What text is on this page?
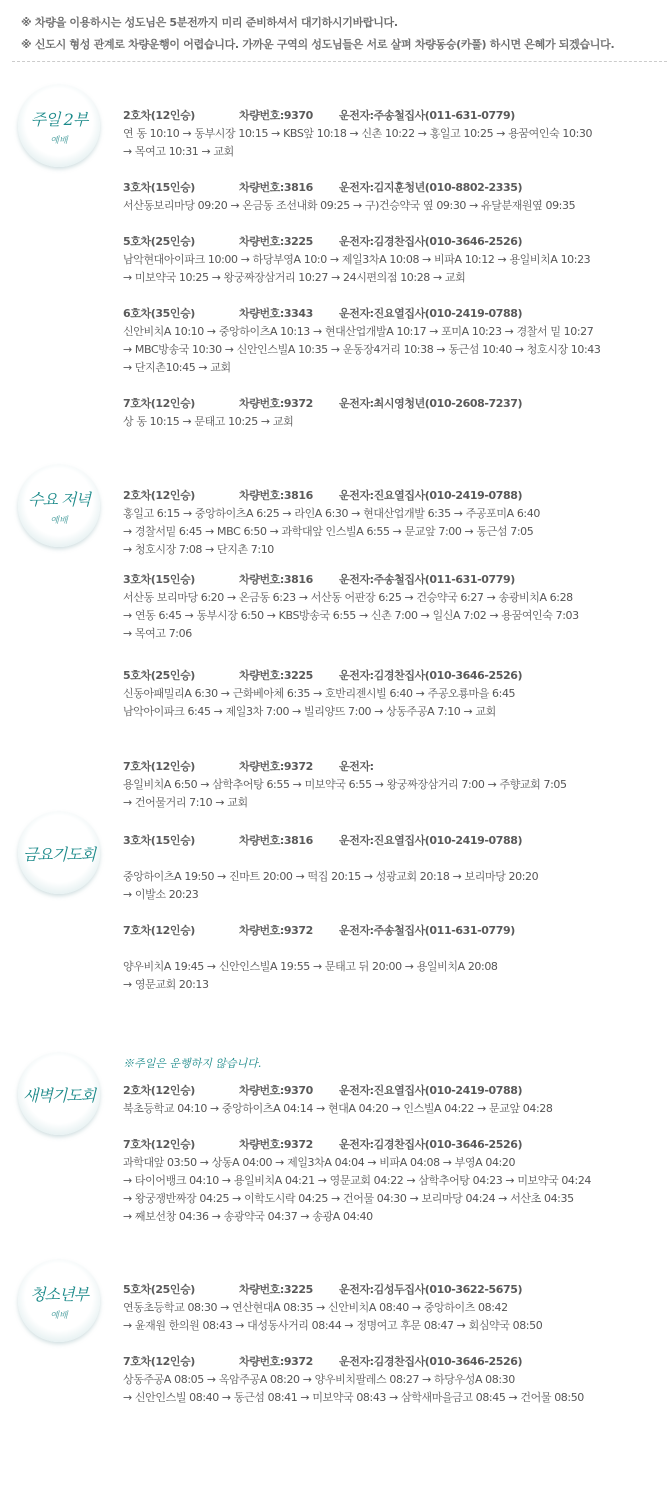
※ 차량을 이용하시는 성도님은 5분전까지 미리 준비하셔서 대기하시기바랍니다.
※ 신도시 형성 관계로 차량운행이 어렵습니다. 가까운 구역의 성도님들은 서로 살펴 차량동승(카풀) 하시면 은혜가 되겠습니다.
주일 2부
예배
수요 저녁
예배
금요기도회
새벽기도회
청소년부
예배
※주일은 운행하지 않습니다.
2호차(12인승)	차량번호:9370 운전자:주송철집사(011-631-0779)
연 동 10:10 → 동부시장 10:15 → KBS앞 10:18 → 신촌 10:22 → 홍일고 10:25 → 용꿈여인숙 10:30
→ 목여고 10:31 → 교회
3호차(15인승)	차량번호:3816 운전자:김지훈청년(010-8802-2335)
서산동보리마당 09:20 → 온금동 조선내화 09:25 → 구)건승약국 옆 09:30 → 유달분재원옆 09:35
5호차(25인승)	차량번호:3225 운전자:김경찬집사(010-3646-2526)
남악현대아이파크 10:00 → 하당부영A 10:0 → 제일3차A 10:08 → 비파A 10:12 → 용일비치A 10:23
→ 미보약국 10:25 → 왕궁짜장삼거리 10:27 → 24시편의점 10:28 → 교회
6호차(35인승)	차량번호:3343 운전자:진요열집사(010-2419-0788)
신안비치A 10:10 → 중앙하이츠A 10:13 → 현대산업개발A 10:17 → 포미A 10:23 → 경찰서 밑 10:27
→ MBC방송국 10:30 → 신안인스빌A 10:35 → 운동장4거리 10:38 → 동근섬 10:40 → 청호시장 10:43
→ 단지촌10:45 → 교회
7호차(12인승)	차량번호:9372 운전자:최시영청년(010-2608-7237)
상 동 10:15 → 문태고 10:25 → 교회
2호차(12인승)	차량번호:3816 운전자:진요열집사(010-2419-0788)
홍일고 6:15 → 중앙하이츠A 6:25 → 라인A 6:30 → 현대산업개발 6:35 → 주공포미A 6:40
→ 경찰서밑 6:45 → MBC 6:50 → 과학대앞 인스빌A 6:55 → 문교앞 7:00 → 동근섬 7:05
→ 청호시장 7:08 → 단지촌 7:10
3호차(15인승)	차량번호:3816 운전자:주송철집사(011-631-0779)
서산동 보리마당 6:20 → 온금동 6:23 → 서산동 어판장 6:25 → 건승약국 6:27 → 송광비치A 6:28
→ 연동 6:45 → 동부시장 6:50 → KBS방송국 6:55 → 신촌 7:00 → 일신A 7:02 → 용꿈여인숙 7:03
→ 목여고 7:06
5호차(25인승)	차량번호:3225 운전자:김경찬집사(010-3646-2526)
신동아패밀리A 6:30 → 근화베아체 6:35 → 호반리젠시빌 6:40 → 주공오룡마을 6:45
남악아이파크 6:45 → 제일3차 7:00 → 빌리양뜨 7:00 → 상동주공A 7:10 → 교회
7호차(12인승)	차량번호:9372 운전자:
용일비치A 6:50 → 삼학추어탕 6:55 → 미보약국 6:55 → 왕궁짜장삼거리 7:00 → 주향교회 7:05
→ 건어물거리 7:10 → 교회
3호차(15인승)	차량번호:3816 운전자:진요열집사(010-2419-0788)
중앙하이츠A 19:50 → 진마트 20:00 → 떡집 20:15 → 성광교회 20:18 → 보리마당 20:20
→ 이발소 20:23
7호차(12인승)	차량번호:9372 운전자:주송철집사(011-631-0779)
양우비치A 19:45 → 신안인스빌A 19:55 → 문태고 뒤 20:00 → 용일비치A 20:08
→ 영문교회 20:13
2호차(12인승)	차량번호:9370 운전자:진요열집사(010-2419-0788)
북초등학교 04:10 → 중앙하이츠A 04:14 → 현대A 04:20 → 인스빌A 04:22 → 문교앞 04:28
7호차(12인승)	차량번호:9372 운전자:김경찬집사(010-3646-2526)
과학대앞 03:50 → 상동A 04:00 → 제일3차A 04:04 → 비파A 04:08 → 부영A 04:20
→ 타이어뱅크 04:10 → 용일비치A 04:21 → 영문교회 04:22 → 삼학추어탕 04:23 → 미보약국 04:24
→ 왕궁쟁반짜장 04:25 → 이학도시락 04:25 → 건어물 04:30 → 보리마당 04:24 → 서산초 04:35
→ 째보선창 04:36 → 송광약국 04:37 → 송광A 04:40
5호차(25인승)	차량번호:3225 운전자:김성두집사(010-3622-5675)
연동초등학교 08:30 → 연산현대A 08:35 → 신안비치A 08:40 → 중앙하이츠 08:42
→ 윤재원 한의원 08:43 → 대성동사거리 08:44 → 정명여고 후문 08:47 → 회심약국 08:50
7호차(12인승)	차량번호:9372 운전자:김경찬집사(010-3646-2526)
상동주공A 08:05 → 옥암주공A 08:20 → 양우비치팔레스 08:27 → 하당우성A 08:30
→ 신안인스빌 08:40 → 동근섬 08:41 → 미보약국 08:43 → 삼학새마을금고 08:45 → 건어물 08:50
